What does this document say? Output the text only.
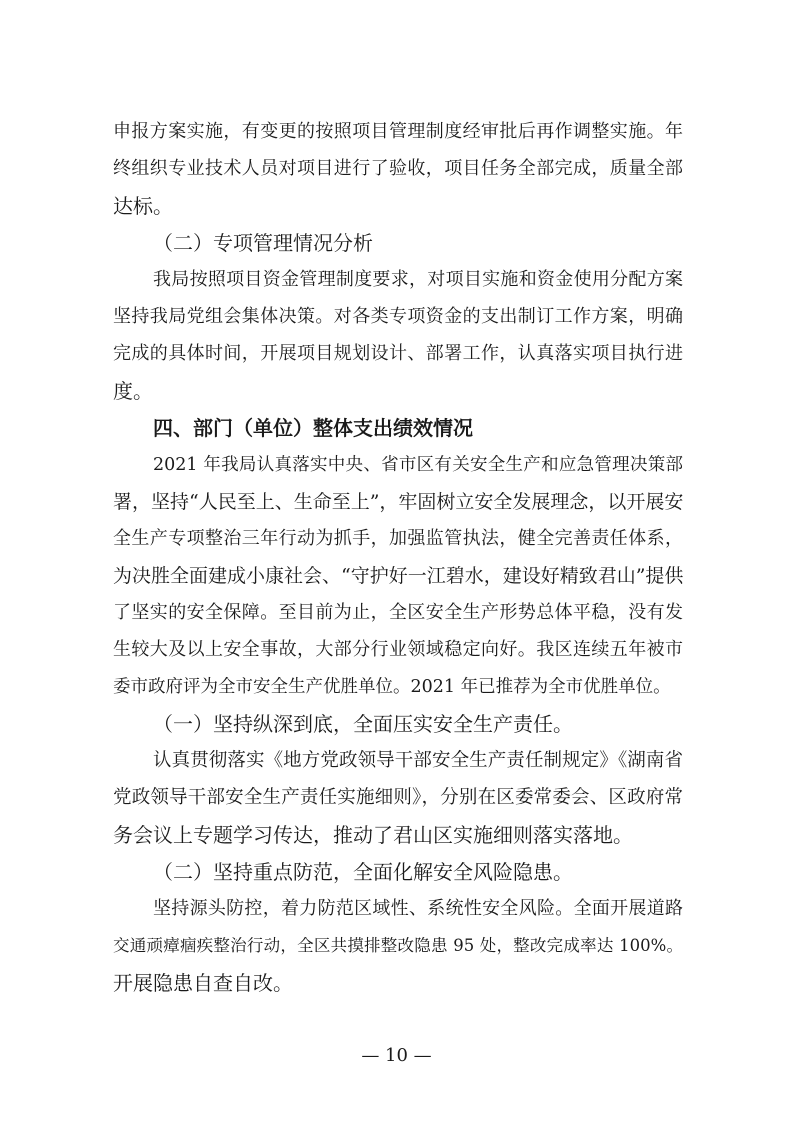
申报方案实施，有变更的按照项目管理制度经审批后再作调整实施。年
终组织专业技术人员对项目进行了验收，项目任务全部完成，质量全部
达标。
（二）专项管理情况分析
我局按照项目资金管理制度要求，对项目实施和资金使用分配方案
坚持我局党组会集体决策。对各类专项资金的支出制订工作方案，明确
完成的具体时间，开展项目规划设计、部署工作，认真落实项目执行进
度。
四、部门（单位）整体支出绩效情况
2021 年我局认真落实中央、省市区有关安全生产和应急管理决策部
署，坚持“人民至上、生命至上”，牢固树立安全发展理念，以开展安
全生产专项整治三年行动为抓手，加强监管执法，健全完善责任体系，
为决胜全面建成小康社会、“守护好一江碧水，建设好精致君山”提供
了坚实的安全保障。至目前为止，全区安全生产形势总体平稳，没有发
生较大及以上安全事故，大部分行业领域稳定向好。我区连续五年被市
委市政府评为全市安全生产优胜单位。2021 年已推荐为全市优胜单位。
（一）坚持纵深到底，全面压实安全生产责任。
认真贯彻落实《地方党政领导干部安全生产责任制规定》《湖南省
党政领导干部安全生产责任实施细则》，分别在区委常委会、区政府常
务会议上专题学习传达，推动了君山区实施细则落实落地。
（二）坚持重点防范，全面化解安全风险隐患。
坚持源头防控，着力防范区域性、系统性安全风险。全面开展道路
交通顽瘴痼疾整治行动，全区共摸排整改隐患 95 处，整改完成率达 100%。
开展隐患自查自改。
— 10 —
